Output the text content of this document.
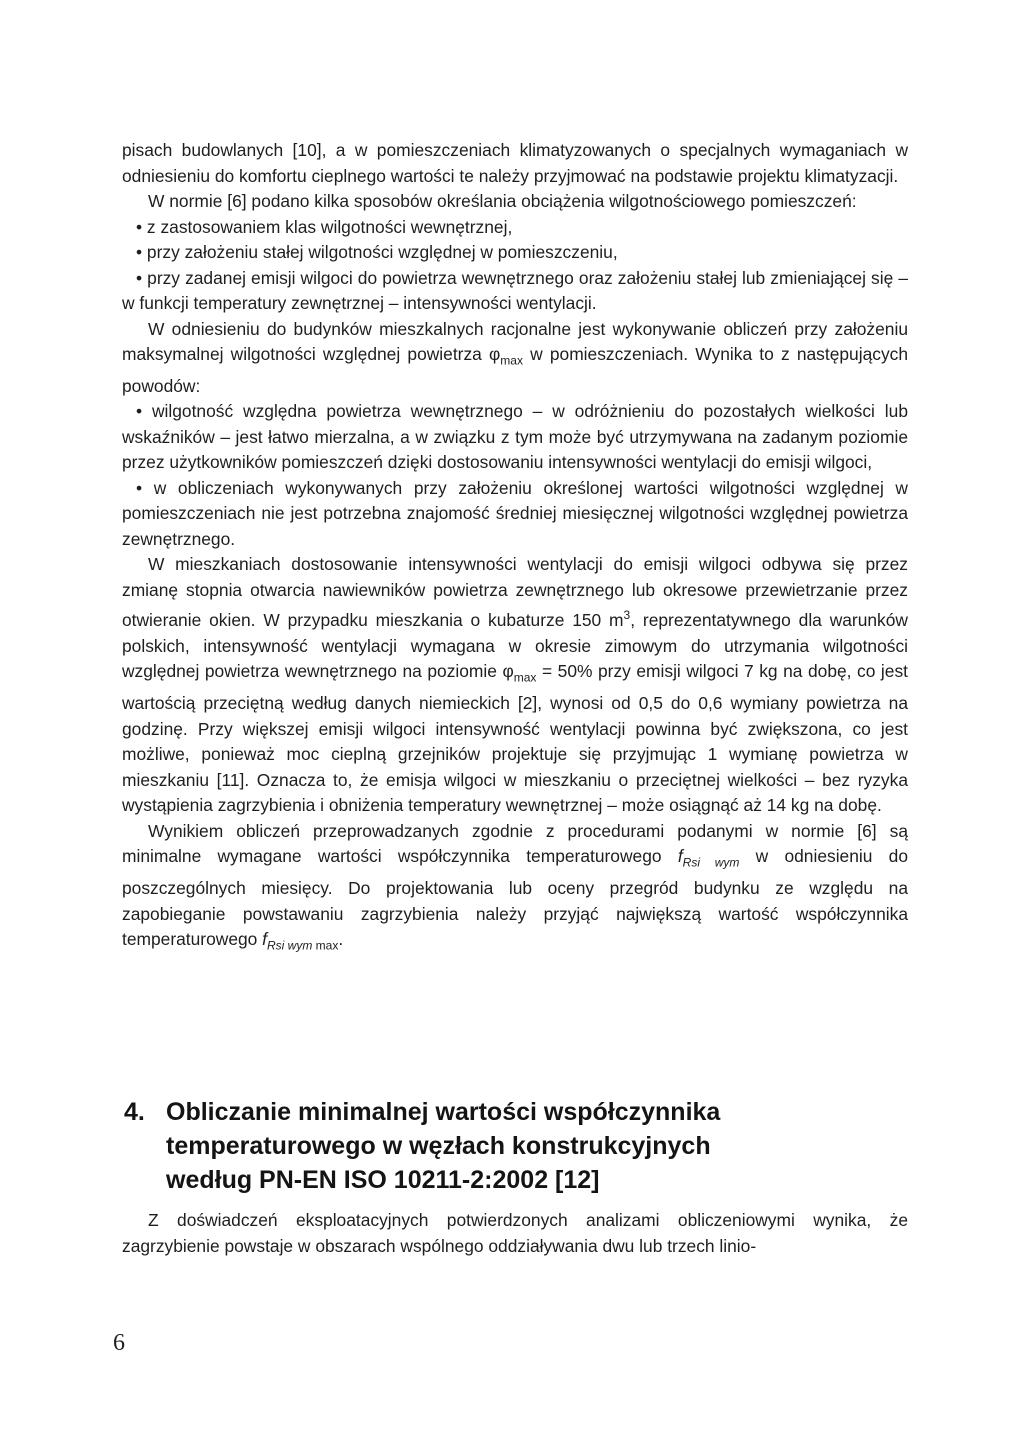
pisach budowlanych [10], a w pomieszczeniach klimatyzowanych o specjalnych wymaganiach w odniesieniu do komfortu cieplnego wartości te należy przyjmować na podstawie projektu klimatyzacji.

W normie [6] podano kilka sposobów określania obciążenia wilgotnościowego pomieszczeń:

• z zastosowaniem klas wilgotności wewnętrznej,

• przy założeniu stałej wilgotności względnej w pomieszczeniu,

• przy zadanej emisji wilgoci do powietrza wewnętrznego oraz założeniu stałej lub zmieniającej się – w funkcji temperatury zewnętrznej – intensywności wentylacji.

W odniesieniu do budynków mieszkalnych racjonalne jest wykonywanie obliczeń przy założeniu maksymalnej wilgotności względnej powietrza $\varphi_{max}$ w pomieszczeniach. Wynika to z następujących powodów:

• wilgotność względna powietrza wewnętrznego – w odróżnieniu do pozostałych wielkości lub wskaźników – jest łatwo mierzalna, a w związku z tym może być utrzymywana na zadanym poziomie przez użytkowników pomieszczeń dzięki dostosowaniu intensywności wentylacji do emisji wilgoci,

• w obliczeniach wykonywanych przy założeniu określonej wartości wilgotności względnej w pomieszczeniach nie jest potrzebna znajomość średniej miesięcznej wilgotności względnej powietrza zewnętrznego.

W mieszkaniach dostosowanie intensywności wentylacji do emisji wilgoci odbywa się przez zmianę stopnia otwarcia nawiewników powietrza zewnętrznego lub okresowe przewietrzanie przez otwieranie okien. W przypadku mieszkania o kubaturze 150 $m^3$, reprezentatywnego dla warunków polskich, intensywność wentylacji wymagana w okresie zimowym do utrzymania wilgotności względnej powietrza wewnętrznego na poziomie $\varphi_{max} = 50\%$ przy emisji wilgoci 7 kg na dobę, co jest wartością przeciętną według danych niemieckich [2], wynosi od 0,5 do 0,6 wymiany powietrza na godzinę. Przy większej emisji wilgoci intensywność wentylacji powinna być zwiększona, co jest możliwe, ponieważ moc cieplną grzejników projektuje się przyjmując 1 wymianę powietrza w mieszkaniu [11]. Oznacza to, że emisja wilgoci w mieszkaniu o przeciętnej wielkości – bez ryzyka wystąpienia zagrzybienia i obniżenia temperatury wewnętrznej – może osiągnąć aż 14 kg na dobę.

Wynikiem obliczeń przeprowadzanych zgodnie z procedurami podanymi w normie [6] są minimalne wymagane wartości współczynnika temperaturowego $f_{Rsi wym}$ w odniesieniu do poszczególnych miesięcy. Do projektowania lub oceny przegród budynku ze względu na zapobieganie powstawaniu zagrzybienia należy przyjąć największą wartość współczynnika temperaturowego $f_{Rsi wym max}$.

4. Obliczanie minimalnej wartości współczynnika
temperaturowego w węzłach konstrukcyjnych
według PN-EN ISO 10211-2:2002 [12]

Z doświadczeń eksploatacyjnych potwierdzonych analizami obliczeniowymi wynika, że zagrzybienie powstaje w obszarach wspólnego oddziaływania dwu lub trzech linio-

6
